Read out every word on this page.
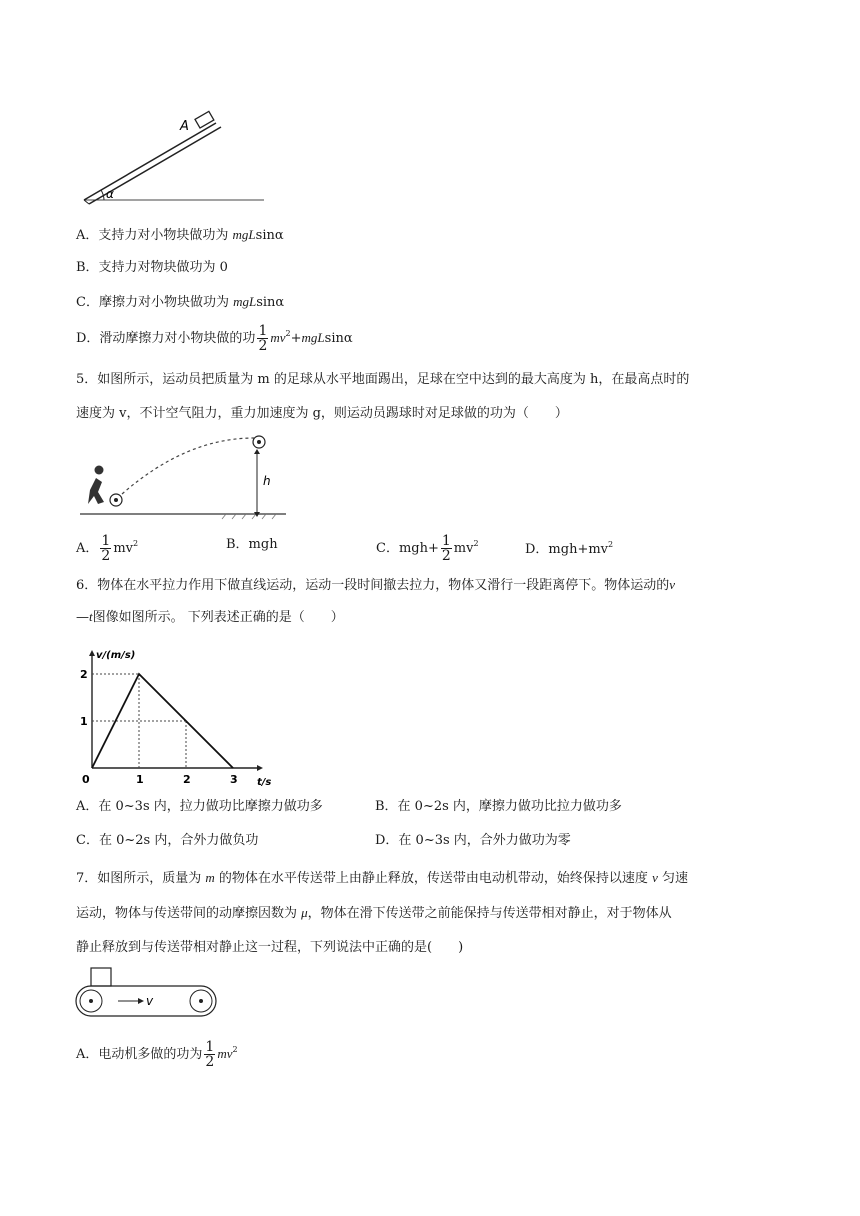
A
α
A．支持力对小物块做功为 mgLsinα
B．支持力对物块做功为 0
C．摩擦力对小物块做功为 mgLsinα
D．滑动摩擦力对小物块做的功 $\frac{1}{2} mv^2+mgLsin\alpha$
5．如图所示，运动员把质量为 m 的足球从水平地面踢出，足球在空中达到的最大高度为 h，在最高点时的
速度为 v，不计空气阻力，重力加速度为 g，则运动员踢球时对足球做的功为（　　）
h
A． $\frac{1}{2} mv^2$	B．mgh	C．$mgh+ \frac{1}{2} mv^2$	D．$mgh+mv^2$
6．物体在水平拉力作用下做直线运动，运动一段时间撤去拉力，物体又滑行一段距离停下。物体运动的v
—t图像如图所示。 下列表述正确的是（　　）
0	1	2	3
1
2
v/(m/s)
t/s
A．在 0~3s 内，拉力做功比摩擦力做功多	B．在 0~2s 内，摩擦力做功比拉力做功多
C．在 0~2s 内，合外力做负功	D．在 0~3s 内，合外力做功为零
7．如图所示，质量为 m 的物体在水平传送带上由静止释放，传送带由电动机带动，始终保持以速度 v 匀速
运动，物体与传送带间的动摩擦因数为 μ，物体在滑下传送带之前能保持与传送带相对静止，对于物体从
静止释放到与传送带相对静止这一过程，下列说法中正确的是(　　)
v
A．电动机多做的功为 $\frac{1}{2} mv^2$
